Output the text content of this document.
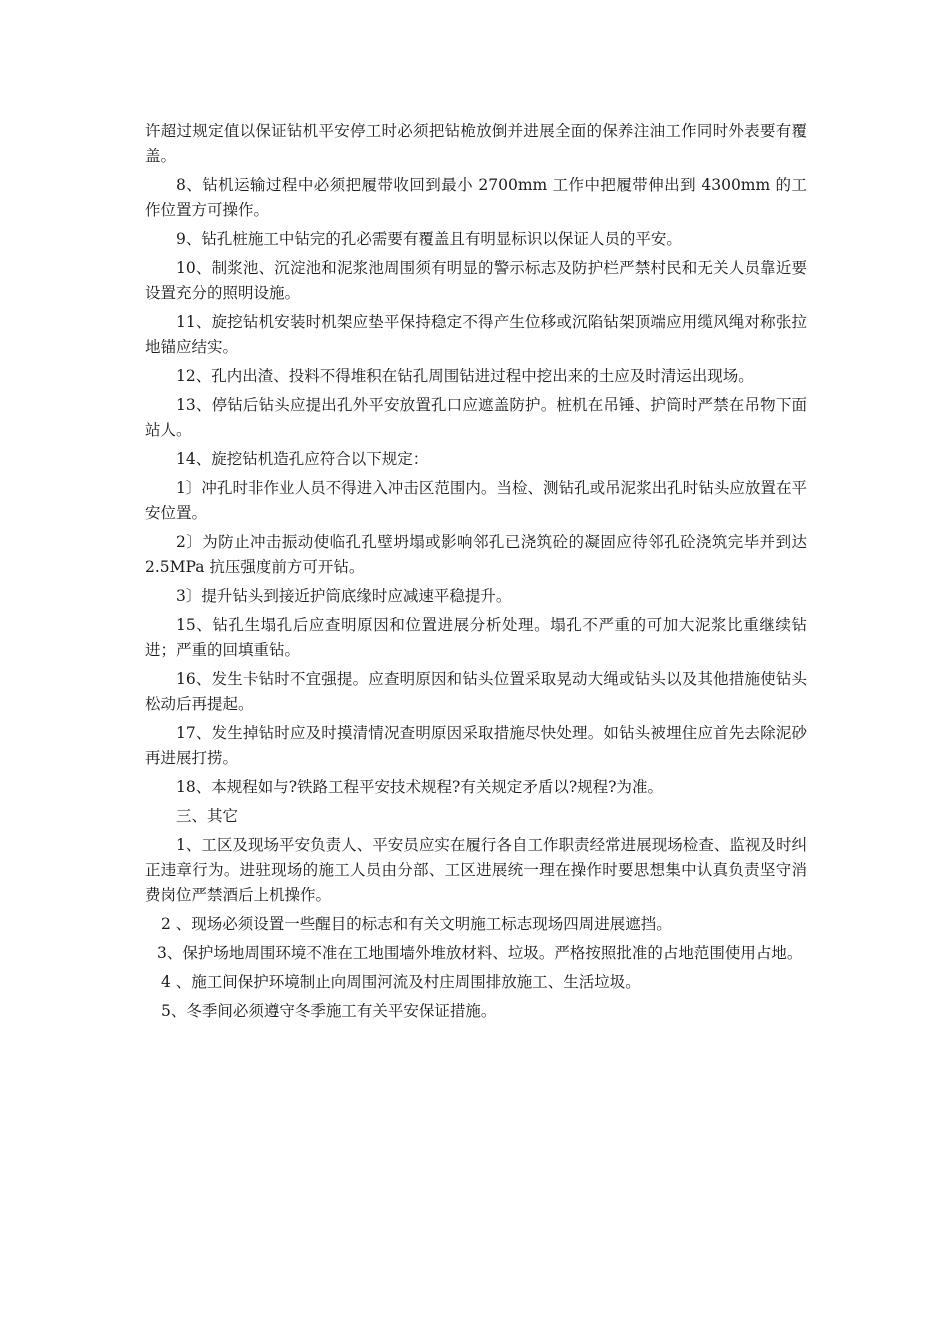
许超过规定值以保证钻机平安停工时必须把钻桅放倒并进展全面的保养注油工作同时外表要有覆盖。

8、钻机运输过程中必须把履带收回到最小 2700mm 工作中把履带伸出到 4300mm 的工作位置方可操作。

9、钻孔桩施工中钻完的孔必需要有覆盖且有明显标识以保证人员的平安。

10、制浆池、沉淀池和泥浆池周围须有明显的警示标志及防护栏严禁村民和无关人员靠近要设置充分的照明设施。

11、旋挖钻机安装时机架应垫平保持稳定不得产生位移或沉陷钻架顶端应用缆风绳对称张拉地锚应结实。

12、孔内出渣、投料不得堆积在钻孔周围钻进过程中挖出来的土应及时清运出现场。

13、停钻后钻头应提出孔外平安放置孔口应遮盖防护。桩机在吊锤、护筒时严禁在吊物下面站人。

14、旋挖钻机造孔应符合以下规定：

1〕冲孔时非作业人员不得进入冲击区范围内。当检、测钻孔或吊泥浆出孔时钻头应放置在平安位置。

2〕为防止冲击振动使临孔孔壁坍塌或影响邻孔已浇筑砼的凝固应待邻孔砼浇筑完毕并到达 2.5MPa 抗压强度前方可开钻。

3〕提升钻头到接近护筒底缘时应减速平稳提升。

15、钻孔生塌孔后应查明原因和位置进展分析处理。塌孔不严重的可加大泥浆比重继续钻进；严重的回填重钻。

16、发生卡钻时不宜强提。应查明原因和钻头位置采取晃动大绳或钻头以及其他措施使钻头松动后再提起。

17、发生掉钻时应及时摸清情况查明原因采取措施尽快处理。如钻头被埋住应首先去除泥砂再进展打捞。

18、本规程如与?铁路工程平安技术规程?有关规定矛盾以?规程?为准。

三、其它

1、工区及现场平安负责人、平安员应实在履行各自工作职责经常进展现场检查、监视及时纠正违章行为。进驻现场的施工人员由分部、工区进展统一理在操作时要思想集中认真负责坚守消费岗位严禁酒后上机操作。

2 、现场必须设置一些醒目的标志和有关文明施工标志现场四周进展遮挡。

3、保护场地周围环境不准在工地围墙外堆放材料、垃圾。严格按照批准的占地范围使用占地。

4 、施工间保护环境制止向周围河流及村庄周围排放施工、生活垃圾。

5、冬季间必须遵守冬季施工有关平安保证措施。
